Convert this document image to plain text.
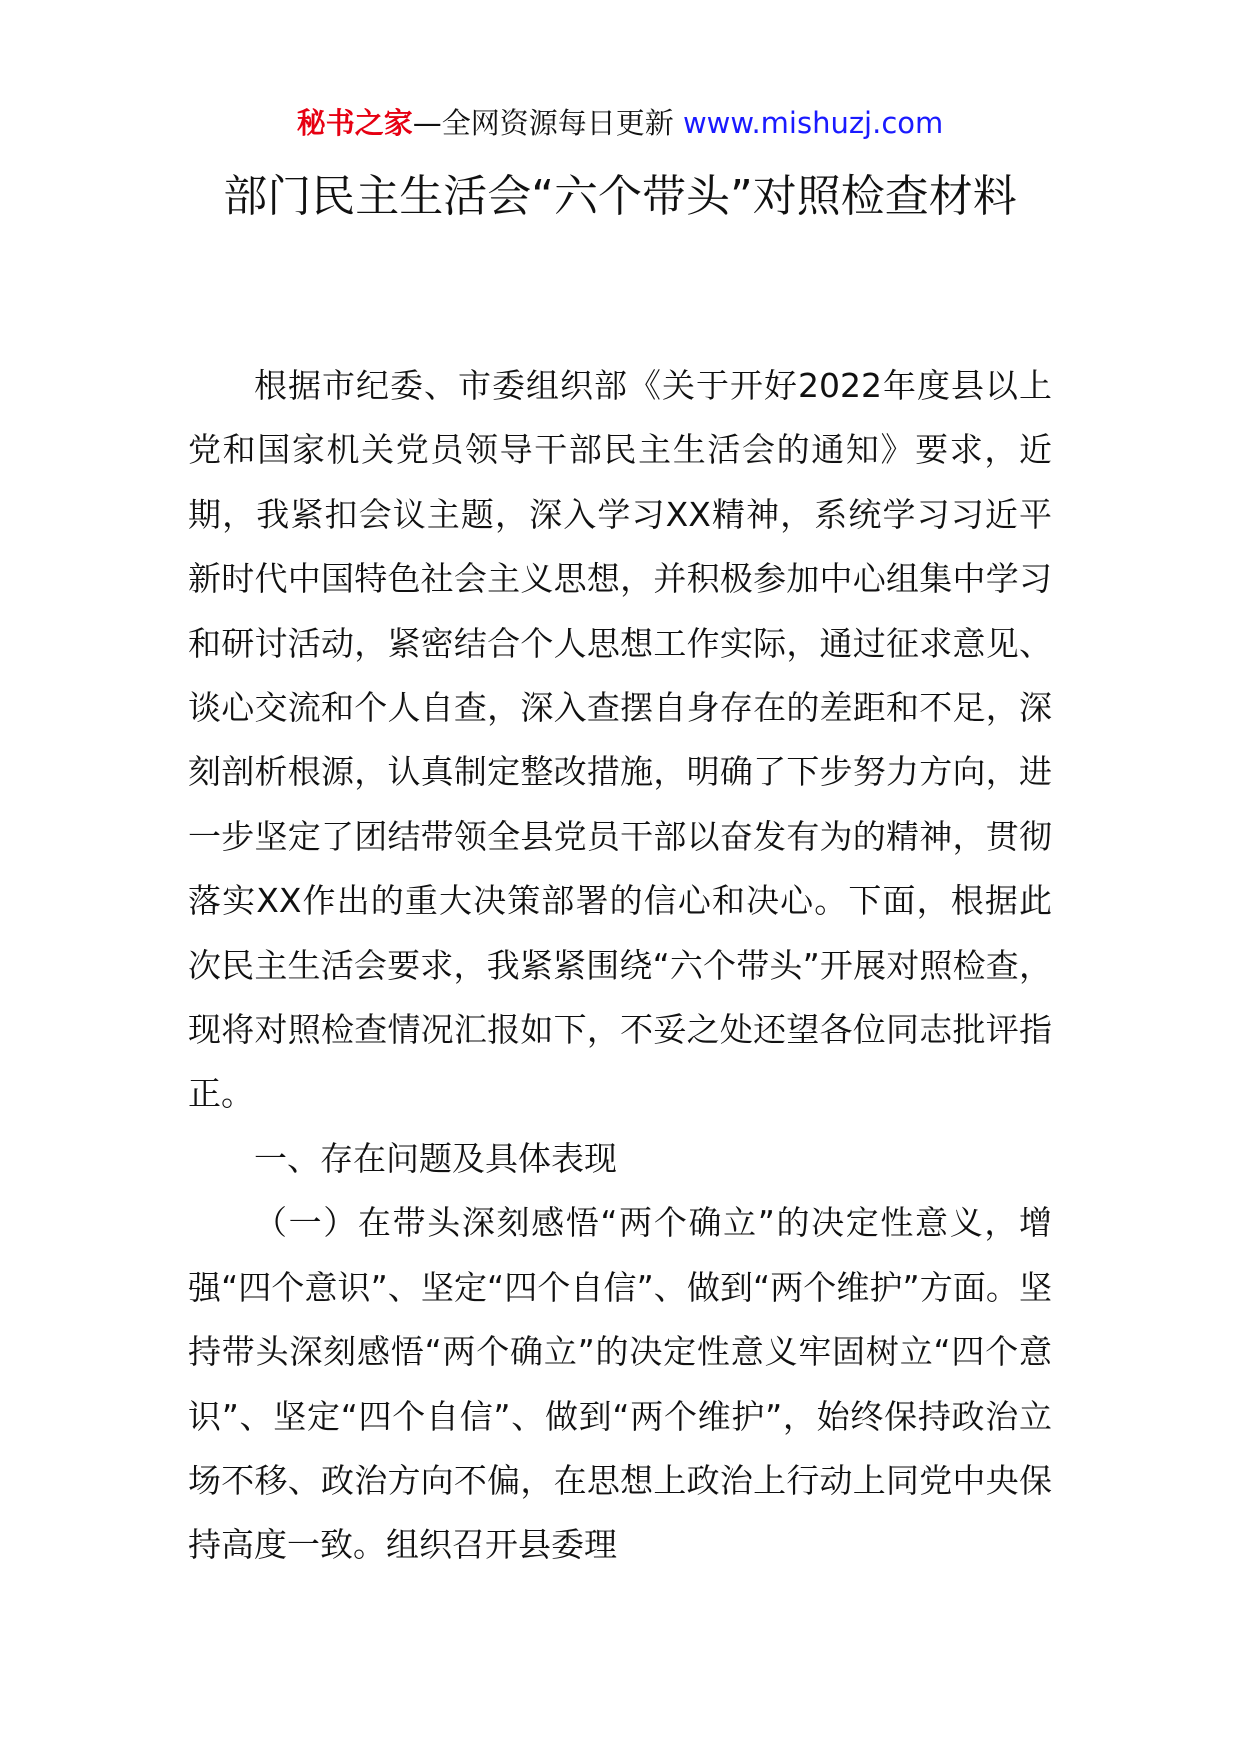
秘书之家—全网资源每日更新 www.mishuzj.com
部门民主生活会“六个带头”对照检查材料

根据市纪委、市委组织部《关于开好2022年度县以上党和国家机关党员领导干部民主生活会的通知》要求，近期，我紧扣会议主题，深入学习XX精神，系统学习习近平新时代中国特色社会主义思想，并积极参加中心组集中学习和研讨活动，紧密结合个人思想工作实际，通过征求意见、谈心交流和个人自查，深入查摆自身存在的差距和不足，深刻剖析根源，认真制定整改措施，明确了下步努力方向，进一步坚定了团结带领全县党员干部以奋发有为的精神，贯彻落实XX作出的重大决策部署的信心和决心。下面，根据此次民主生活会要求，我紧紧围绕“六个带头”开展对照检查，现将对照检查情况汇报如下，不妥之处还望各位同志批评指正。

一、存在问题及具体表现

（一）在带头深刻感悟“两个确立”的决定性意义，增强“四个意识”、坚定“四个自信”、做到“两个维护”方面。坚持带头深刻感悟“两个确立”的决定性意义牢固树立“四个意识”、坚定“四个自信”、做到“两个维护”，始终保持政治立场不移、政治方向不偏，在思想上政治上行动上同党中央保持高度一致。组织召开县委理
